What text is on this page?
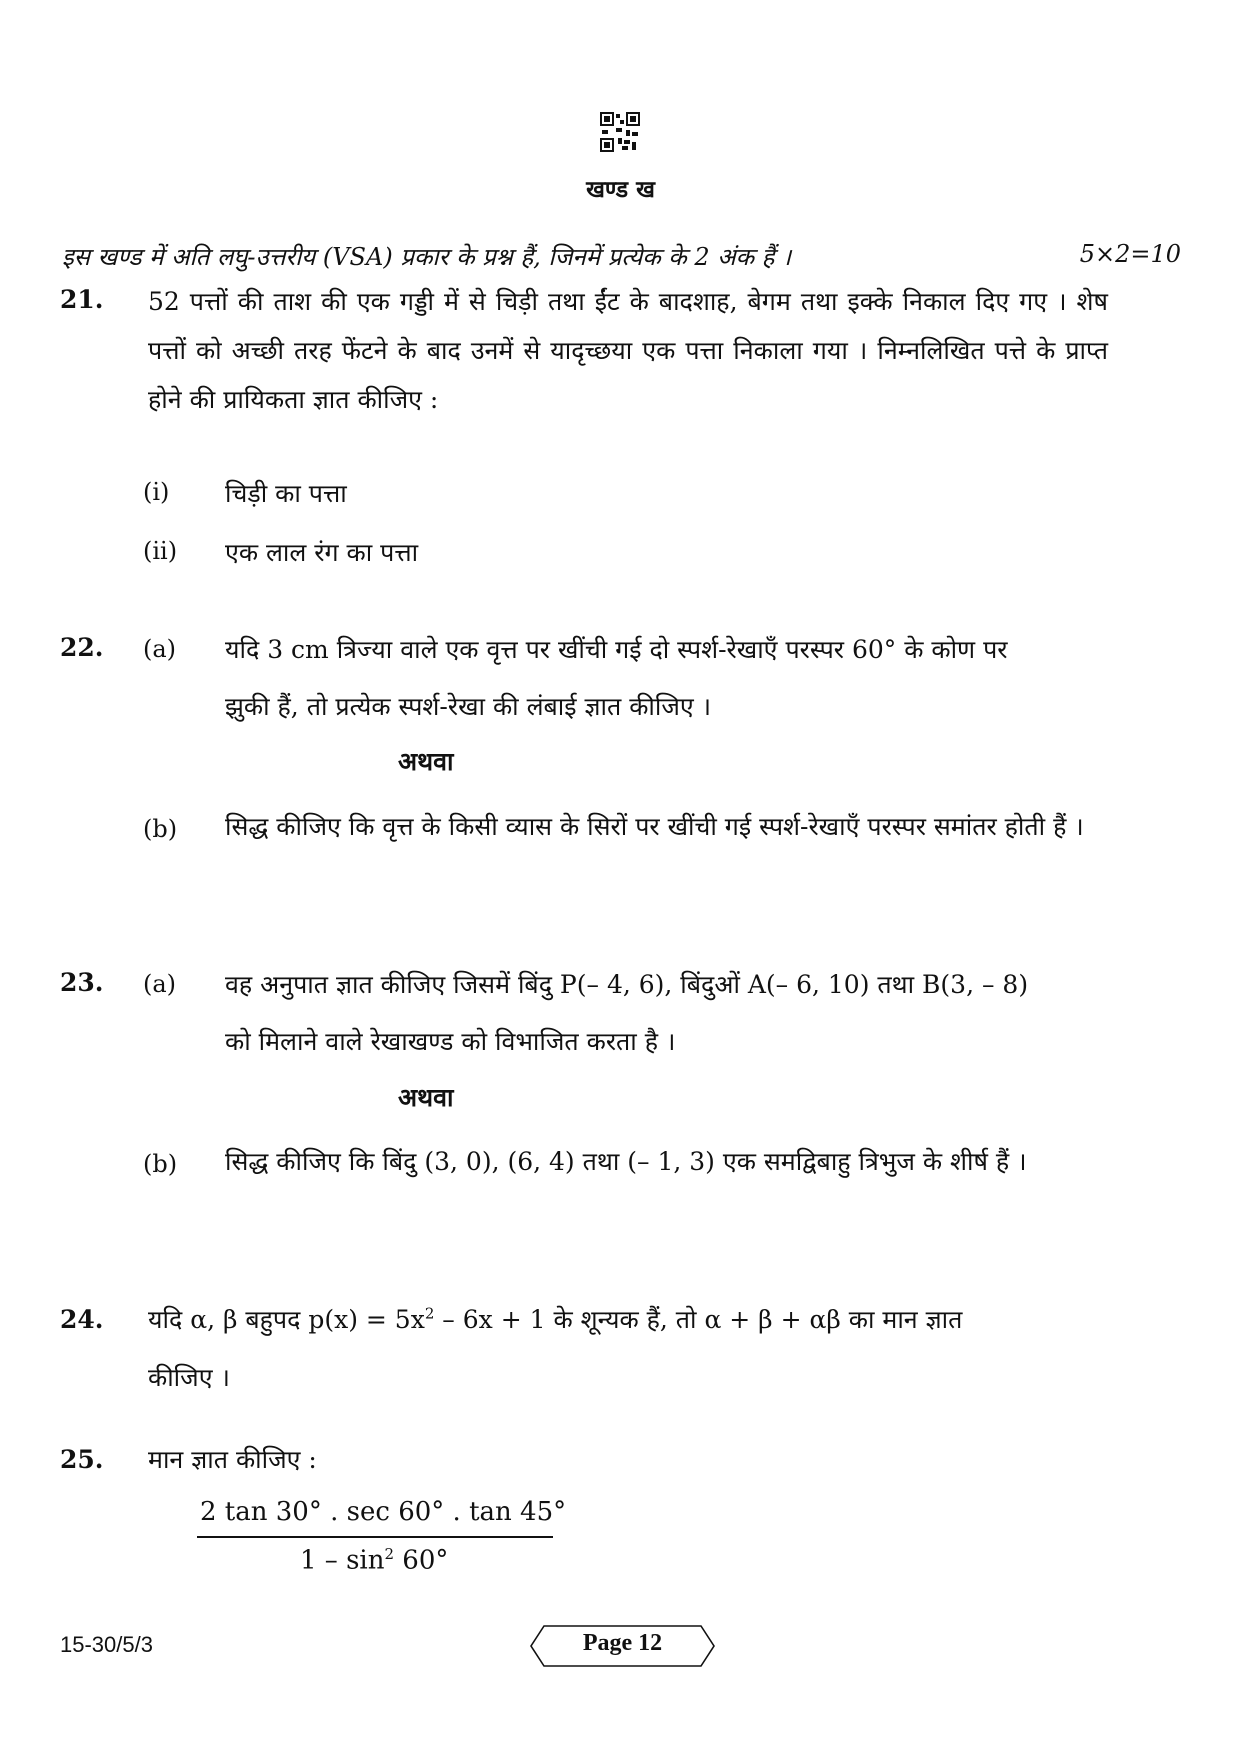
खण्ड ख
इस खण्ड में अति लघु-उत्तरीय (VSA) प्रकार के प्रश्न हैं, जिनमें प्रत्येक के 2 अंक हैं ।	5×2=10
21. 52 पत्तों की ताश की एक गड्डी में से चिड़ी तथा ईंट के बादशाह, बेगम तथा इक्के निकाल दिए गए । शेष पत्तों को अच्छी तरह फेंटने के बाद उनमें से यादृच्छया एक पत्ता निकाला गया । निम्नलिखित पत्ते के प्राप्त होने की प्रायिकता ज्ञात कीजिए :
(i) चिड़ी का पत्ता
(ii) एक लाल रंग का पत्ता
22. (a) यदि 3 cm त्रिज्या वाले एक वृत्त पर खींची गई दो स्पर्श-रेखाएँ परस्पर 60° के कोण पर
झुकी हैं, तो प्रत्येक स्पर्श-रेखा की लंबाई ज्ञात कीजिए ।
अथवा
(b) सिद्ध कीजिए कि वृत्त के किसी व्यास के सिरों पर खींची गई स्पर्श-रेखाएँ परस्पर समांतर होती हैं ।
23. (a) वह अनुपात ज्ञात कीजिए जिसमें बिंदु P(– 4, 6), बिंदुओं A(– 6, 10) तथा B(3, – 8)
को मिलाने वाले रेखाखण्ड को विभाजित करता है ।
अथवा
(b) सिद्ध कीजिए कि बिंदु (3, 0), (6, 4) तथा (– 1, 3) एक समद्विबाहु त्रिभुज के शीर्ष हैं ।
24. यदि α, β बहुपद $p(x) = 5x^2 - 6x + 1$ के शून्यक हैं, तो α + β + αβ का मान ज्ञात
कीजिए ।
25. मान ज्ञात कीजिए :
2 tan 30° . sec 60° . tan 45°
$1 - \sin^2 60^\circ$
15-30/5/3	Page 12
